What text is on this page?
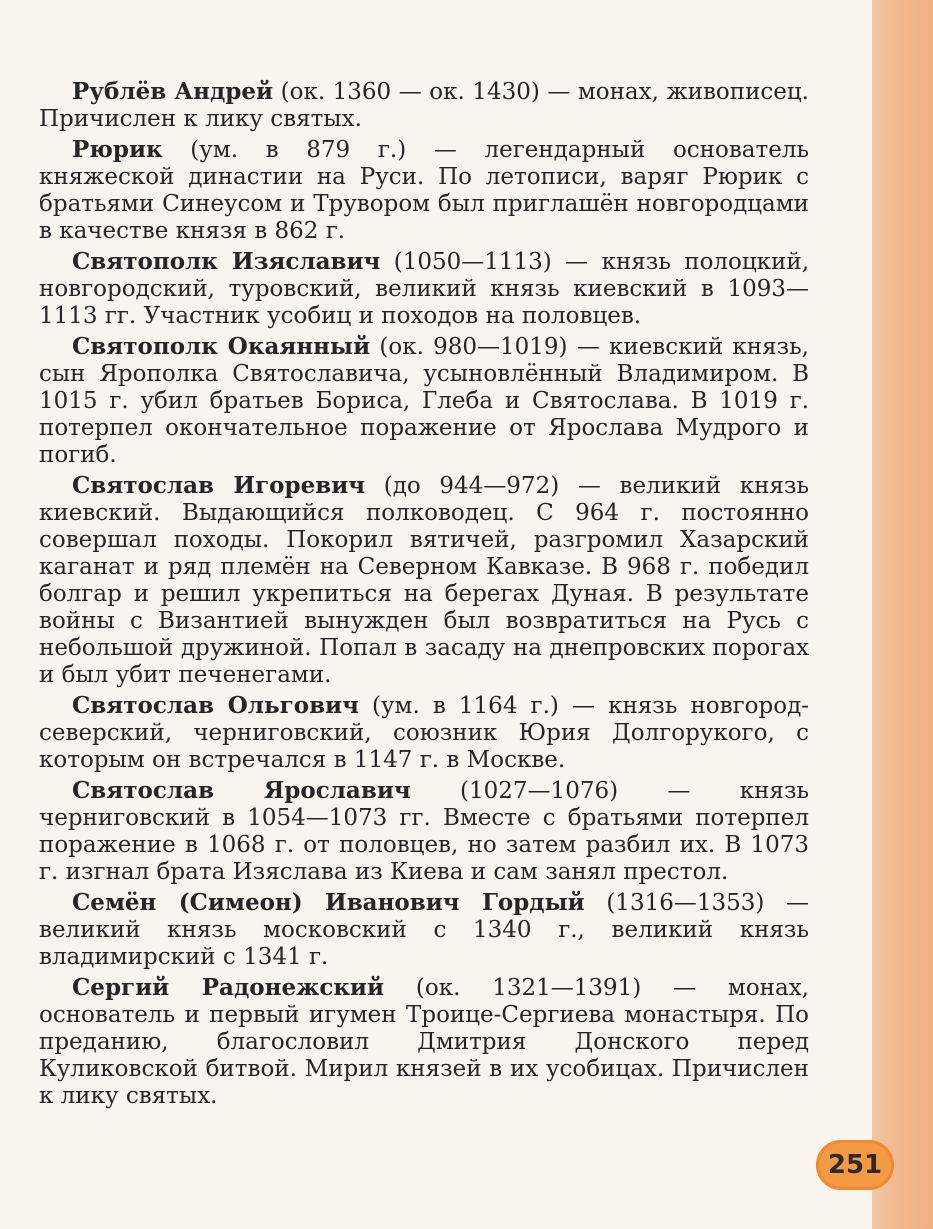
Рублёв Андрей (ок. 1360 — ок. 1430) — монах, живописец. Причислен к лику святых.

Рюрик (ум. в 879 г.) — легендарный основатель княжеской династии на Руси. По летописи, варяг Рюрик с братьями Синеусом и Трувором был приглашён новгородцами в качестве князя в 862 г.

Святополк Изяславич (1050—1113) — князь полоцкий, новгородский, туровский, великий князь киевский в 1093—1113 гг. Участник усобиц и походов на половцев.

Святополк Окаянный (ок. 980—1019) — киевский князь, сын Ярополка Святославича, усыновлённый Владимиром. В 1015 г. убил братьев Бориса, Глеба и Святослава. В 1019 г. потерпел окончательное поражение от Ярослава Мудрого и погиб.

Святослав Игоревич (до 944—972) — великий князь киевский. Выдающийся полководец. С 964 г. постоянно совершал походы. Покорил вятичей, разгромил Хазарский каганат и ряд племён на Северном Кавказе. В 968 г. победил болгар и решил укрепиться на берегах Дуная. В результате войны с Византией вынужден был возвратиться на Русь с небольшой дружиной. Попал в засаду на днепровских порогах и был убит печенегами.

Святослав Ольгович (ум. в 1164 г.) — князь новгород-северский, черниговский, союзник Юрия Долгорукого, с которым он встречался в 1147 г. в Москве.

Святослав Ярославич (1027—1076) — князь черниговский в 1054—1073 гг. Вместе с братьями потерпел поражение в 1068 г. от половцев, но затем разбил их. В 1073 г. изгнал брата Изяслава из Киева и сам занял престол.

Семён (Симеон) Иванович Гордый (1316—1353) — великий князь московский с 1340 г., великий князь владимирский с 1341 г.

Сергий Радонежский (ок. 1321—1391) — монах, основатель и первый игумен Троице-Сергиева монастыря. По преданию, благословил Дмитрия Донского перед Куликовской битвой. Мирил князей в их усобицах. Причислен к лику святых.

251
